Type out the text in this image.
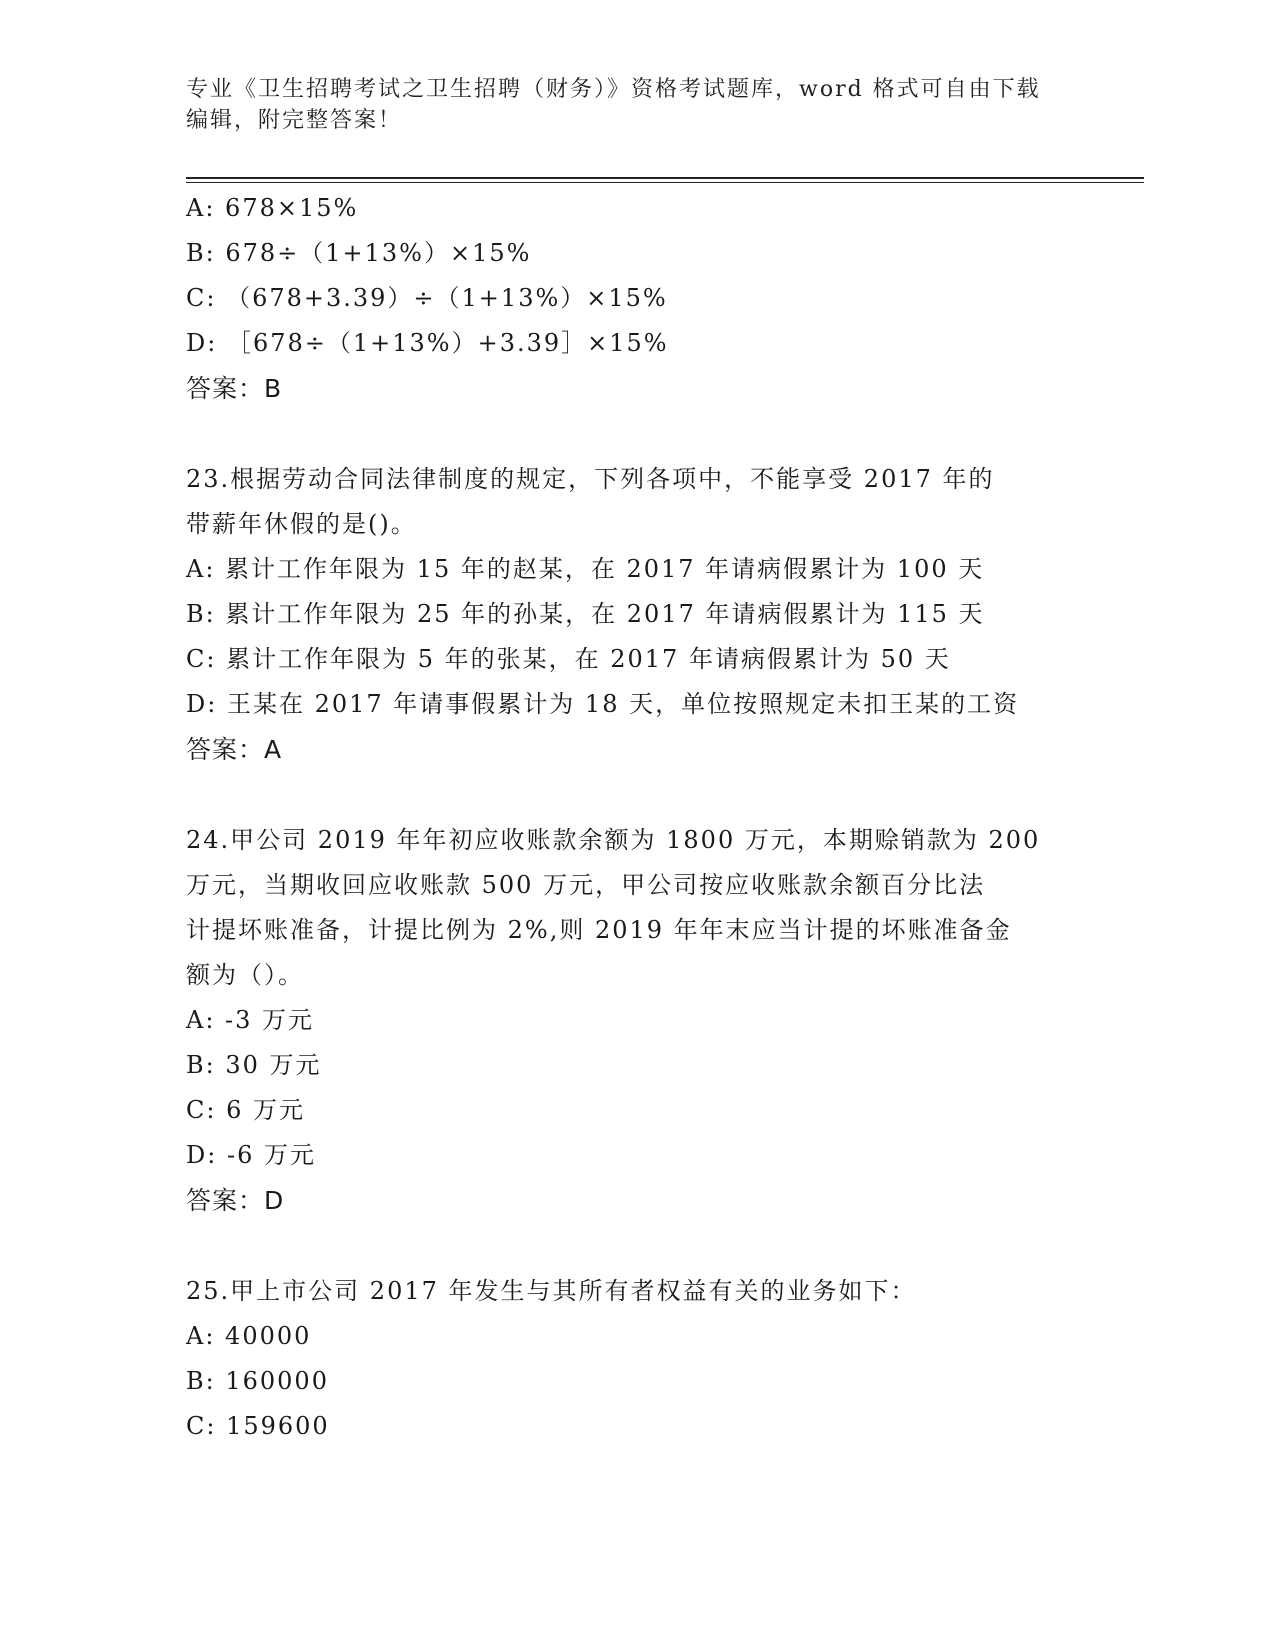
专业《卫生招聘考试之卫生招聘（财务）》资格考试题库，word 格式可自由下载
编辑，附完整答案！
A: 678×15%
B: 678÷（1+13%）×15%
C: （678+3.39）÷（1+13%）×15%
D: ［678÷（1+13%）+3.39］×15%
答案：B
23.根据劳动合同法律制度的规定，下列各项中，不能享受 2017 年的
带薪年休假的是()。
A: 累计工作年限为 15 年的赵某，在 2017 年请病假累计为 100 天
B: 累计工作年限为 25 年的孙某，在 2017 年请病假累计为 115 天
C: 累计工作年限为 5 年的张某，在 2017 年请病假累计为 50 天
D: 王某在 2017 年请事假累计为 18 天，单位按照规定未扣王某的工资
答案：A
24.甲公司 2019 年年初应收账款余额为 1800 万元，本期赊销款为 200
万元，当期收回应收账款 500 万元，甲公司按应收账款余额百分比法
计提坏账准备，计提比例为 2%,则 2019 年年末应当计提的坏账准备金
额为（）。
A: -3 万元
B: 30 万元
C: 6 万元
D: -6 万元
答案：D
25.甲上市公司 2017 年发生与其所有者权益有关的业务如下：
A: 40000
B: 160000
C: 159600
